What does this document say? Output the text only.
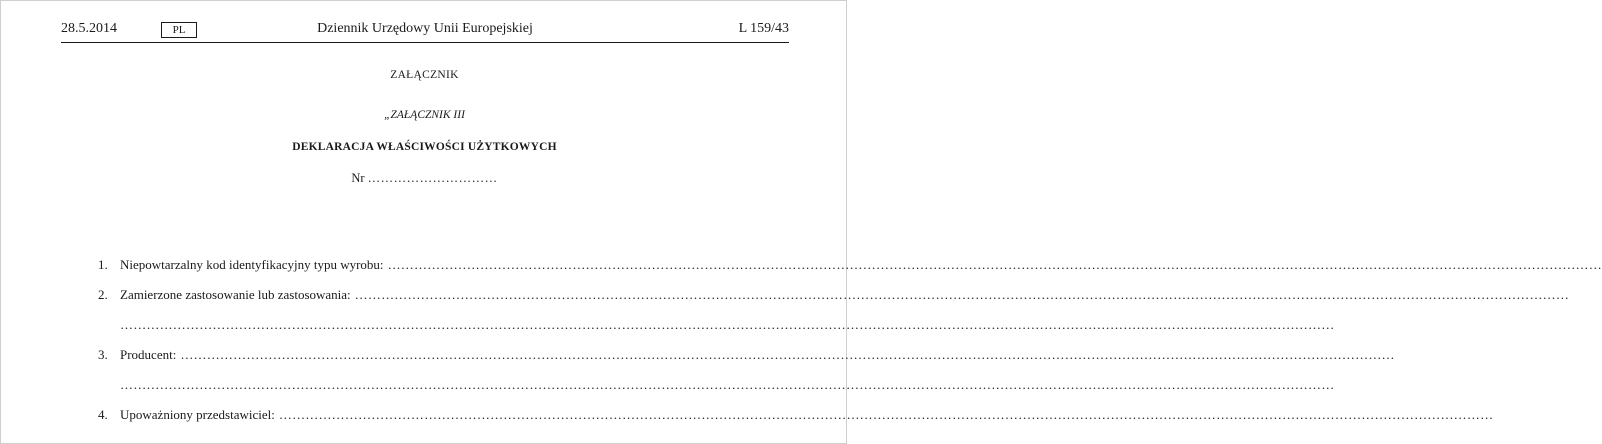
28.5.2014	PL	Dziennik Urzędowy Unii Europejskiej	L 159/43
ZAŁĄCZNIK
„ZAŁĄCZNIK III
DEKLARACJA WŁAŚCIWOŚCI UŻYTKOWYCH
Nr …………………………
1. Niepowtarzalny kod identyfikacyjny typu wyrobu: ……………………………………………………………………………………………………………………………………………………………………………………………………………………………………………………
2. Zamierzone zastosowanie lub zastosowania: ……………………………………………………………………………………………………………………………………………………………………………………………………………………………………………………
……………………………………………………………………………………………………………………………………………………………………………………………………………………………………………………
3. Producent: ……………………………………………………………………………………………………………………………………………………………………………………………………………………………………………………
……………………………………………………………………………………………………………………………………………………………………………………………………………………………………………………
4. Upoważniony przedstawiciel: ……………………………………………………………………………………………………………………………………………………………………………………………………………………………………………………
